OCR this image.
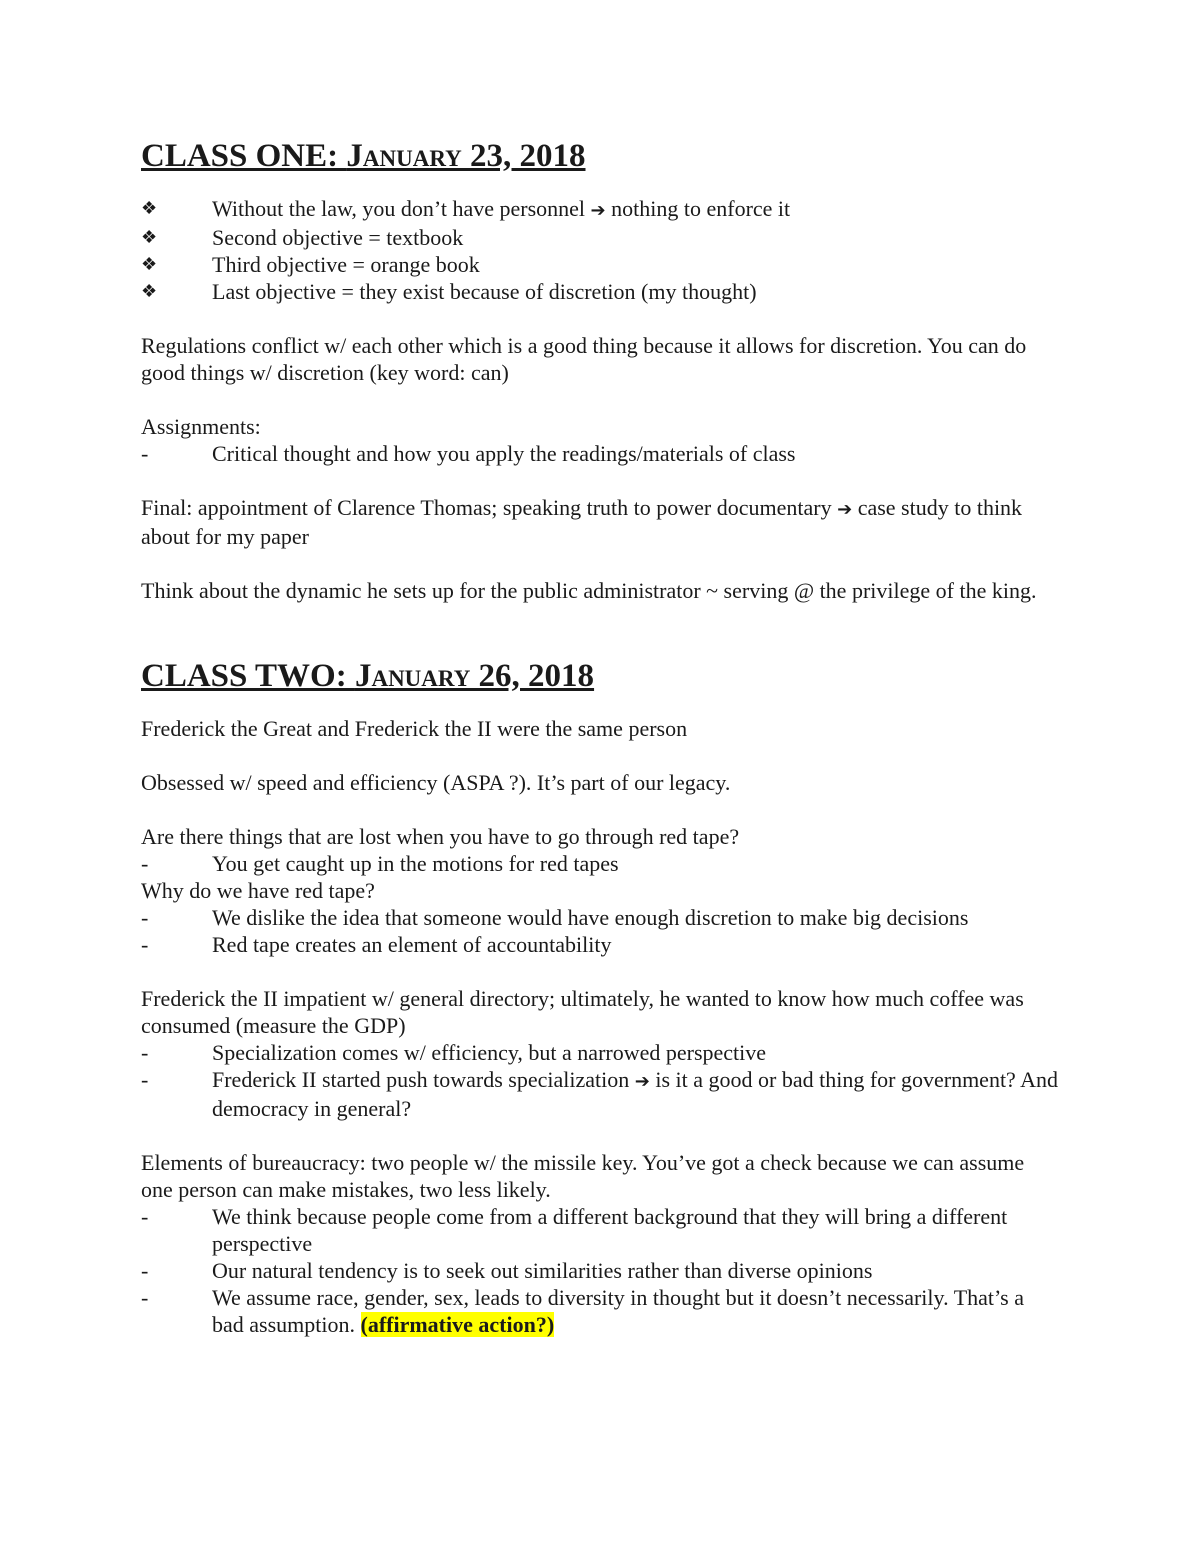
CLASS ONE: January 23, 2018
❖	Without the law, you don’t have personnel ➔ nothing to enforce it
❖	Second objective = textbook
❖	Third objective = orange book
❖	Last objective = they exist because of discretion (my thought)

Regulations conflict w/ each other which is a good thing because it allows for discretion. You can do good things w/ discretion (key word: can)

Assignments:

-	Critical thought and how you apply the readings/materials of class

Final: appointment of Clarence Thomas; speaking truth to power documentary ➔ case study to think about for my paper

Think about the dynamic he sets up for the public administrator ~ serving @ the privilege of the king.

CLASS TWO: January 26, 2018

Frederick the Great and Frederick the II were the same person

Obsessed w/ speed and efficiency (ASPA ?). It’s part of our legacy.

Are there things that are lost when you have to go through red tape?

-	You get caught up in the motions for red tapes

Why do we have red tape?

-	We dislike the idea that someone would have enough discretion to make big decisions
-	Red tape creates an element of accountability

Frederick the II impatient w/ general directory; ultimately, he wanted to know how much coffee was consumed (measure the GDP)

-	Specialization comes w/ efficiency, but a narrowed perspective
-	Frederick II started push towards specialization ➔ is it a good or bad thing for government? And democracy in general?

Elements of bureaucracy: two people w/ the missile key. You’ve got a check because we can assume one person can make mistakes, two less likely.

-	We think because people come from a different background that they will bring a different perspective
-	Our natural tendency is to seek out similarities rather than diverse opinions
-	We assume race, gender, sex, leads to diversity in thought but it doesn’t necessarily. That’s a bad assumption. (affirmative action?)
